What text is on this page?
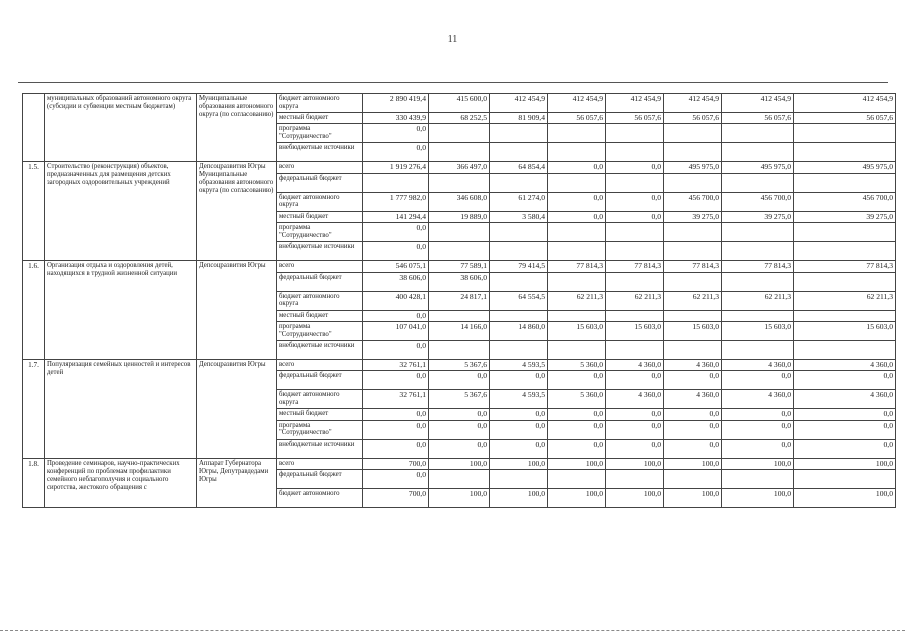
11
	муниципальных образований автономного округа (субсидии и субвенции местным бюджетам)	Муниципальные образования автономного округа (по согласованию)	бюджет автономного округа	2 890 419,4	415 600,0	412 454,9	412 454,9	412 454,9	412 454,9	412 454,9	412 454,9
			местный бюджет	330 439,9	68 252,5	81 909,4	56 057,6	56 057,6	56 057,6	56 057,6	56 057,6
			программа "Сотрудничество"	0,0							
			внебюджетные источники	0,0							
1.5.	Строительство (реконструкция) объектов, предназначенных для размещения детских загородных оздоровительных учреждений	Депсоцразвития Югры Муниципальные образования автономного округа (по согласованию)	всего	1 919 276,4	366 497,0	64 854,4	0,0	0,0	495 975,0	495 975,0	495 975,0
			федеральный бюджет								
			бюджет автономного округа	1 777 982,0	346 608,0	61 274,0	0,0	0,0	456 700,0	456 700,0	456 700,0
			местный бюджет	141 294,4	19 889,0	3 580,4	0,0	0,0	39 275,0	39 275,0	39 275,0
			программа "Сотрудничество"	0,0							
			внебюджетные источники	0,0							
1.6.	Организация отдыха и оздоровления детей, находящихся в трудной жизненной ситуации	Депсоцразвития Югры	всего	546 075,1	77 589,1	79 414,5	77 814,3	77 814,3	77 814,3	77 814,3	77 814,3
			федеральный бюджет	38 606,0	38 606,0						
			бюджет автономного округа	400 428,1	24 817,1	64 554,5	62 211,3	62 211,3	62 211,3	62 211,3	62 211,3
			местный бюджет	0,0							
			программа "Сотрудничество"	107 041,0	14 166,0	14 860,0	15 603,0	15 603,0	15 603,0	15 603,0	15 603,0
			внебюджетные источники	0,0							
1.7.	Популяризация семейных ценностей и интересов детей	Депсоцразвития Югры	всего	32 761,1	5 367,6	4 593,5	5 360,0	4 360,0	4 360,0	4 360,0	4 360,0
			федеральный бюджет	0,0	0,0	0,0	0,0	0,0	0,0	0,0	0,0
			бюджет автономного округа	32 761,1	5 367,6	4 593,5	5 360,0	4 360,0	4 360,0	4 360,0	4 360,0
			местный бюджет	0,0	0,0	0,0	0,0	0,0	0,0	0,0	0,0
			программа "Сотрудничество"	0,0	0,0	0,0	0,0	0,0	0,0	0,0	0,0
			внебюджетные источники	0,0	0,0	0,0	0,0	0,0	0,0	0,0	0,0
1.8.	Проведение семинаров, научно-практических конференций по проблемам профилактики семейного неблагополучия и социального сиротства, жестокого обращения с	Аппарат Губернатора Югры, Депутравдедами Югры	всего	700,0	100,0	100,0	100,0	100,0	100,0	100,0	100,0
			федеральный бюджет	0,0							
			бюджет автономного	700,0	100,0	100,0	100,0	100,0	100,0	100,0	100,0
